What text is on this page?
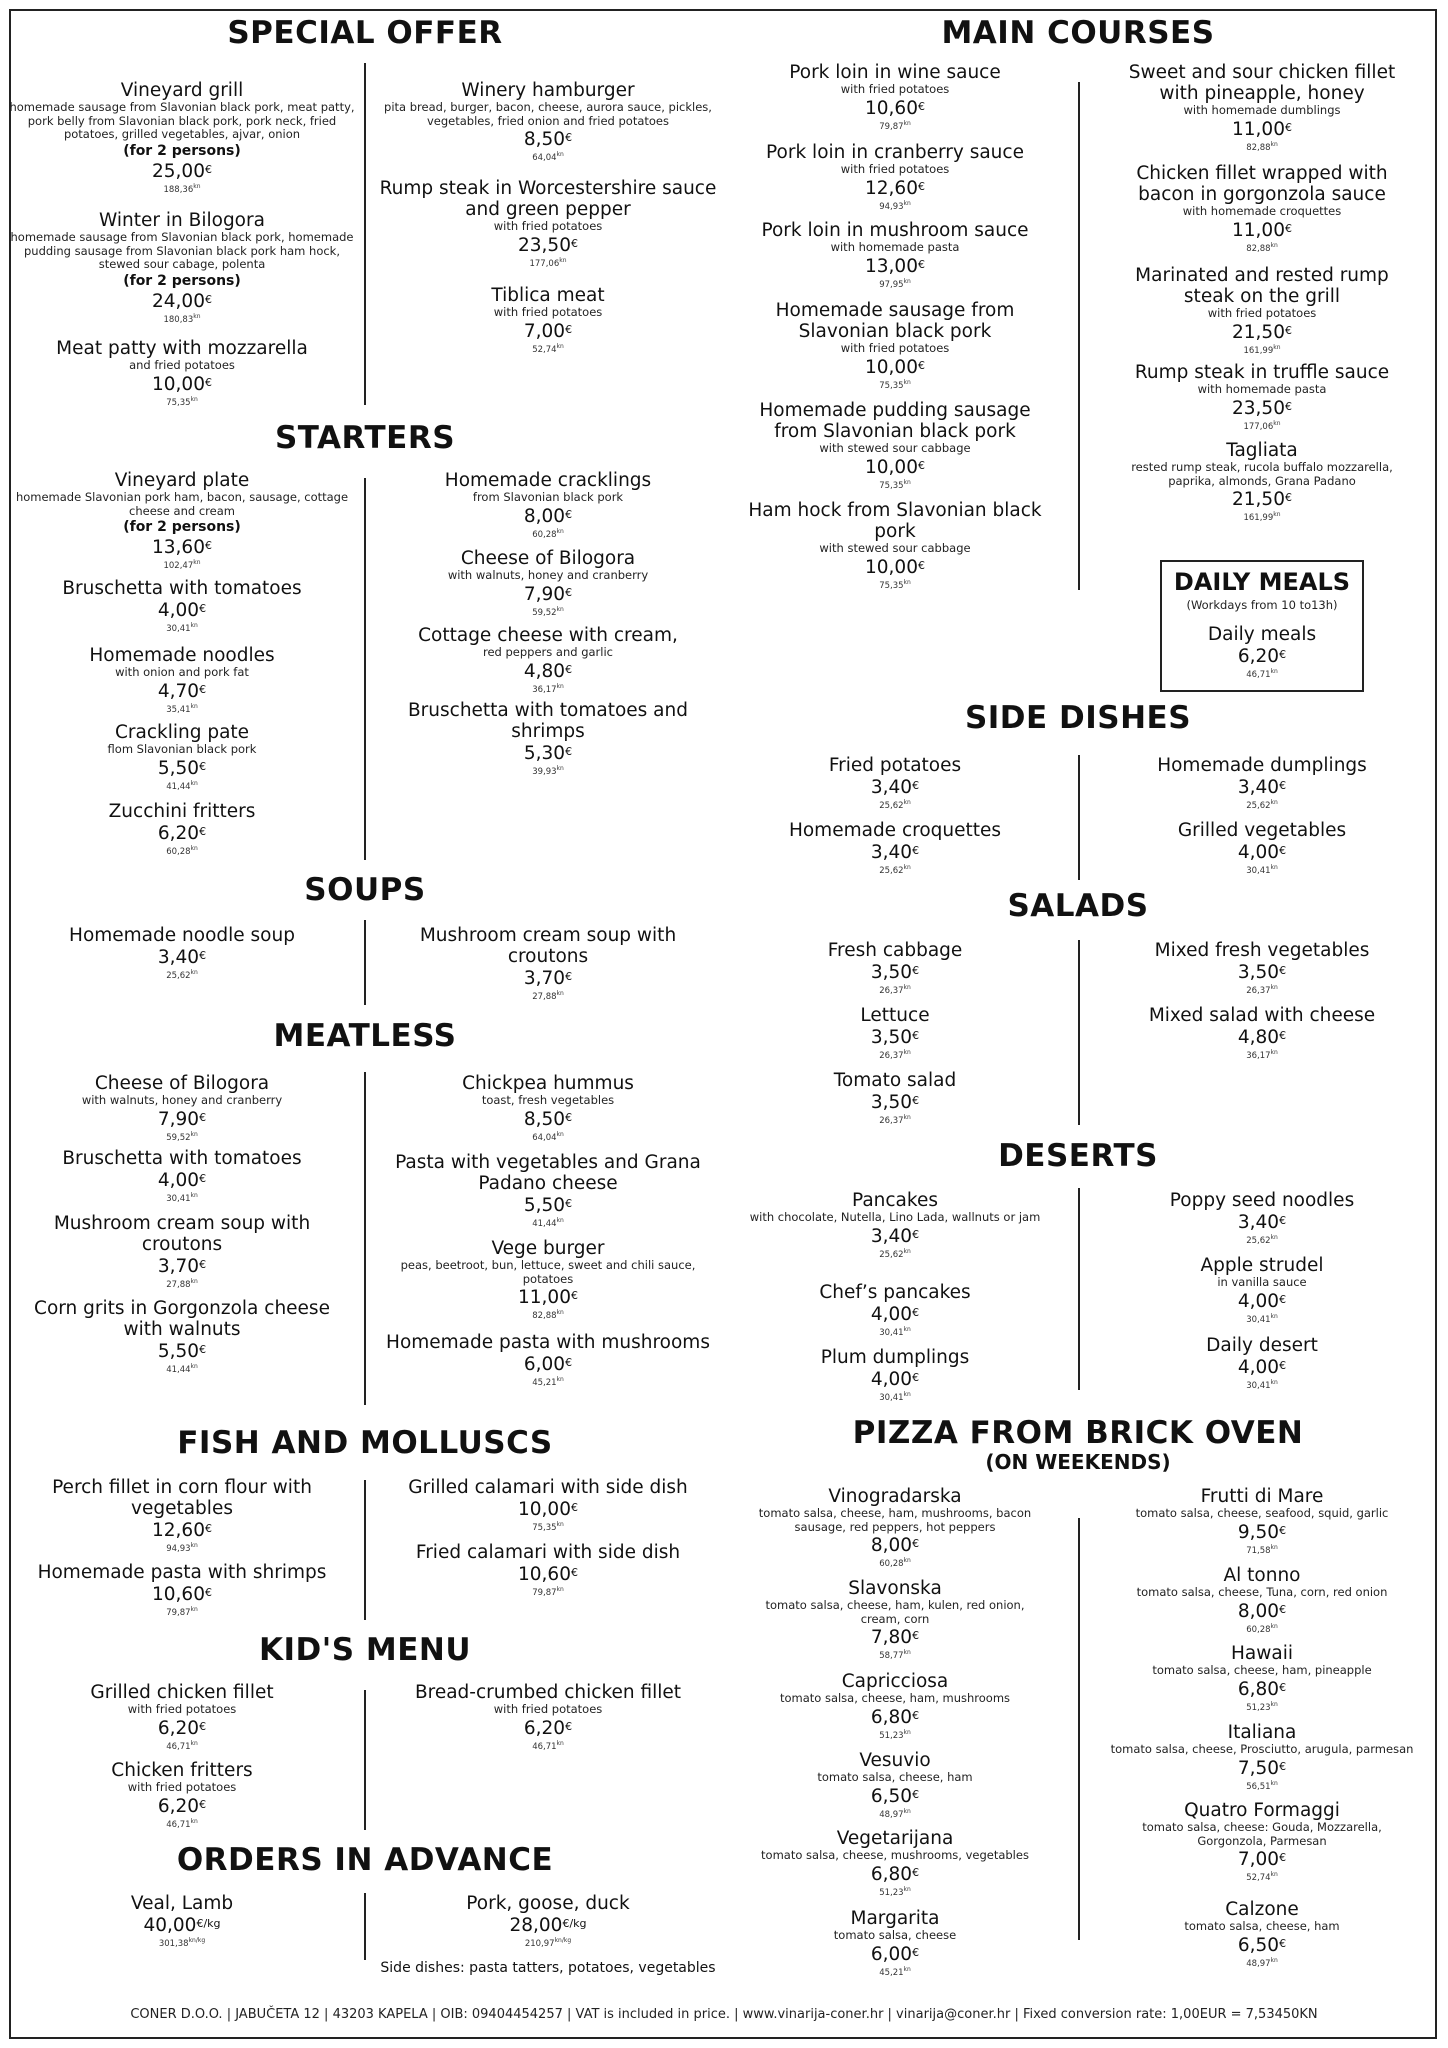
SPECIAL OFFER
Vineyard grill
homemade sausage from Slavonian black pork, meat patty, pork belly from Slavonian black pork, pork neck, fried potatoes, grilled vegetables, ajvar, onion
(for 2 persons)
25,00€
$188,36^{kn}$
Winter in Bilogora
homemade sausage from Slavonian black pork, homemade pudding sausage from Slavonian black pork ham hock, stewed sour cabage, polenta
(for 2 persons)
24,00€
$180,83^{kn}$
Meat patty with mozzarella
and fried potatoes
10,00€
$75,35^{kn}$
Winery hamburger
pita bread, burger, bacon, cheese, aurora sauce, pickles, vegetables, fried onion and fried potatoes
8,50€
$64,04^{kn}$
Rump steak in Worcestershire sauce and green pepper
with fried potatoes
23,50€
$177,06^{kn}$
Tiblica meat
with fried potatoes
7,00€
$52,74^{kn}$
STARTERS
Vineyard plate
homemade Slavonian pork ham, bacon, sausage, cottage cheese and cream
(for 2 persons)
13,60€
$102,47^{kn}$
Bruschetta with tomatoes
4,00€
$30,41^{kn}$
Homemade noodles
with onion and pork fat
4,70€
$35,41^{kn}$
Crackling pate
flom Slavonian black pork
5,50€
$41,44^{kn}$
Zucchini fritters
6,20€
$60,28^{kn}$
Homemade cracklings
from Slavonian black pork
8,00€
$60,28^{kn}$
Cheese of Bilogora
with walnuts, honey and cranberry
7,90€
$59,52^{kn}$
Cottage cheese with cream,
red peppers and garlic
4,80€
$36,17^{kn}$
Bruschetta with tomatoes and shrimps
5,30€
$39,93^{kn}$
SOUPS
Homemade noodle soup
3,40€
$25,62^{kn}$
Mushroom cream soup with croutons
3,70€
$27,88^{kn}$
MEATLESS
Cheese of Bilogora
with walnuts, honey and cranberry
7,90€
$59,52^{kn}$
Bruschetta with tomatoes
4,00€
$30,41^{kn}$
Mushroom cream soup with croutons
3,70€
$27,88^{kn}$
Corn grits in Gorgonzola cheese with walnuts
5,50€
$41,44^{kn}$
Chickpea hummus
toast, fresh vegetables
8,50€
$64,04^{kn}$
Pasta with vegetables and Grana Padano cheese
5,50€
$41,44^{kn}$
Vege burger
peas, beetroot, bun, lettuce, sweet and chili sauce, potatoes
11,00€
$82,88^{kn}$
Homemade pasta with mushrooms
6,00€
$45,21^{kn}$
FISH AND MOLLUSCS
Perch fillet in corn flour with vegetables
12,60€
$94,93^{kn}$
Homemade pasta with shrimps
10,60€
$79,87^{kn}$
Grilled calamari with side dish
10,00€
$75,35^{kn}$
Fried calamari with side dish
10,60€
$79,87^{kn}$
KID'S MENU
Grilled chicken fillet
with fried potatoes
6,20€
$46,71^{kn}$
Chicken fritters
with fried potatoes
6,20€
$46,71^{kn}$
Bread-crumbed chicken fillet
with fried potatoes
6,20€
$46,71^{kn}$
ORDERS IN ADVANCE
Veal, Lamb
$40,00^{€/kg}$
$301,38^{kn/kg}$
Pork, goose, duck
$28,00^{€/kg}$
$210,97^{kn/kg}$
Side dishes: pasta tatters, potatoes, vegetables
MAIN COURSES
Pork loin in wine sauce
with fried potatoes
10,60€
$79,87^{kn}$
Pork loin in cranberry sauce
with fried potatoes
12,60€
$94,93^{kn}$
Pork loin in mushroom sauce
with homemade pasta
13,00€
$97,95^{kn}$
Homemade sausage from Slavonian black pork
with fried potatoes
10,00€
$75,35^{kn}$
Homemade pudding sausage from Slavonian black pork
with stewed sour cabbage
10,00€
$75,35^{kn}$
Ham hock from Slavonian black pork
with stewed sour cabbage
10,00€
$75,35^{kn}$
Sweet and sour chicken fillet with pineapple, honey
with homemade dumblings
11,00€
$82,88^{kn}$
Chicken fillet wrapped with bacon in gorgonzola sauce
with homemade croquettes
11,00€
$82,88^{kn}$
Marinated and rested rump steak on the grill
with fried potatoes
21,50€
$161,99^{kn}$
Rump steak in truffle sauce
with homemade pasta
23,50€
$177,06^{kn}$
Tagliata
rested rump steak, rucola buffalo mozzarella, paprika, almonds, Grana Padano
21,50€
$161,99^{kn}$
DAILY MEALS
(Workdays from 10 to13h)
Daily meals
6,20€
$46,71^{kn}$
SIDE DISHES
Fried potatoes
3,40€
$25,62^{kn}$
Homemade croquettes
3,40€
$25,62^{kn}$
Homemade dumplings
3,40€
$25,62^{kn}$
Grilled vegetables
4,00€
$30,41^{kn}$
SALADS
Fresh cabbage
3,50€
$26,37^{kn}$
Lettuce
3,50€
$26,37^{kn}$
Tomato salad
3,50€
$26,37^{kn}$
Mixed fresh vegetables
3,50€
$26,37^{kn}$
Mixed salad with cheese
4,80€
$36,17^{kn}$
DESERTS
Pancakes
with chocolate, Nutella, Lino Lada, wallnuts or jam
3,40€
$25,62^{kn}$
Chef’s pancakes
4,00€
$30,41^{kn}$
Plum dumplings
4,00€
$30,41^{kn}$
Poppy seed noodles
3,40€
$25,62^{kn}$
Apple strudel
in vanilla sauce
4,00€
$30,41^{kn}$
Daily desert
4,00€
$30,41^{kn}$
PIZZA FROM BRICK OVEN
(ON WEEKENDS)
Vinogradarska
tomato salsa, cheese, ham, mushrooms, bacon sausage, red peppers, hot peppers
8,00€
$60,28^{kn}$
Slavonska
tomato salsa, cheese, ham, kulen, red onion, cream, corn
7,80€
$58,77^{kn}$
Capricciosa
tomato salsa, cheese, ham, mushrooms
6,80€
$51,23^{kn}$
Vesuvio
tomato salsa, cheese, ham
6,50€
$48,97^{kn}$
Vegetarijana
tomato salsa, cheese, mushrooms, vegetables
6,80€
$51,23^{kn}$
Margarita
tomato salsa, cheese
6,00€
$45,21^{kn}$
Frutti di Mare
tomato salsa, cheese, seafood, squid, garlic
9,50€
$71,58^{kn}$
Al tonno
tomato salsa, cheese, Tuna, corn, red onion
8,00€
$60,28^{kn}$
Hawaii
tomato salsa, cheese, ham, pineapple
6,80€
$51,23^{kn}$
Italiana
tomato salsa, cheese, Prosciutto, arugula, parmesan
7,50€
$56,51^{kn}$
Quatro Formaggi
tomato salsa, cheese: Gouda, Mozzarella, Gorgonzola, Parmesan
7,00€
$52,74^{kn}$
Calzone
tomato salsa, cheese, ham
6,50€
$48,97^{kn}$
CONER D.O.O. | JABUČETA 12 | 43203 KAPELA | OIB: 09404454257 | VAT is included in price. | www.vinarija-coner.hr | vinarija@coner.hr | Fixed conversion rate: 1,00EUR = 7,53450KN
